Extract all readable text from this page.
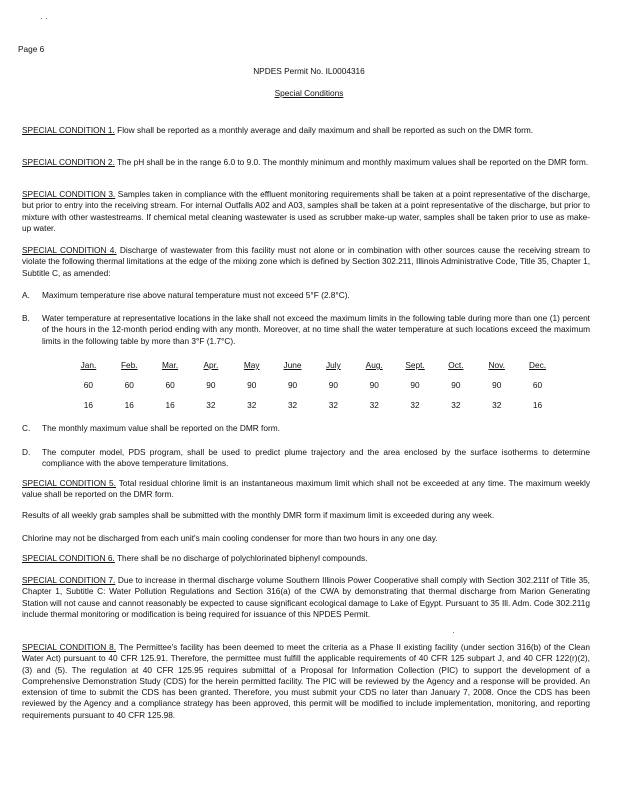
· ·
Page 6
NPDES Permit No. IL0004316
Special Conditions
SPECIAL CONDITION 1. Flow shall be reported as a monthly average and daily maximum and shall be reported as such on the DMR form.
SPECIAL CONDITION 2. The pH shall be in the range 6.0 to 9.0. The monthly minimum and monthly maximum values shall be reported on the DMR form.
SPECIAL CONDITION 3. Samples taken in compliance with the effluent monitoring requirements shall be taken at a point representative of the discharge, but prior to entry into the receiving stream. For internal Outfalls A02 and A03, samples shall be taken at a point representative of the discharge, but prior to mixture with other wastestreams. If chemical metal cleaning wastewater is used as scrubber make-up water, samples shall be taken prior to use as make-up water.
SPECIAL CONDITION 4. Discharge of wastewater from this facility must not alone or in combination with other sources cause the receiving stream to violate the following thermal limitations at the edge of the mixing zone which is defined by Section 302.211, Illinois Administrative Code, Title 35, Chapter 1, Subtitle C, as amended:
A. Maximum temperature rise above natural temperature must not exceed 5°F (2.8°C).
B. Water temperature at representative locations in the lake shall not exceed the maximum limits in the following table during more than one (1) percent of the hours in the 12-month period ending with any month. Moreover, at no time shall the water temperature at such locations exceed the maximum limits in the following table by more than 3°F (1.7°C).
Jan.	Feb.	Mar.	Apr.	May	June	July	Aug.	Sept.	Oct.	Nov.	Dec.
60	60	60	90	90	90	90	90	90	90	90	60
16	16	16	32	32	32	32	32	32	32	32	16
C. The monthly maximum value shall be reported on the DMR form.
D. The computer model, PDS program, shall be used to predict plume trajectory and the area enclosed by the surface isotherms to determine compliance with the above temperature limitations.
SPECIAL CONDITION 5. Total residual chlorine limit is an instantaneous maximum limit which shall not be exceeded at any time. The maximum weekly value shall be reported on the DMR form.
Results of all weekly grab samples shall be submitted with the monthly DMR form if maximum limit is exceeded during any week.
Chlorine may not be discharged from each unit's main cooling condenser for more than two hours in any one day.
SPECIAL CONDITION 6. There shall be no discharge of polychlorinated biphenyl compounds.
SPECIAL CONDITION 7. Due to increase in thermal discharge volume Southern Illinois Power Cooperative shall comply with Section 302.211f of Title 35, Chapter 1, Subtitle C: Water Pollution Regulations and Section 316(a) of the CWA by demonstrating that thermal discharge from Marion Generating Station will not cause and cannot reasonably be expected to cause significant ecological damage to Lake of Egypt. Pursuant to 35 Ill. Adm. Code 302.211g include thermal monitoring or modification is being required for issuance of this NPDES Permit.
·
SPECIAL CONDITION 8. The Permittee's facility has been deemed to meet the criteria as a Phase II existing facility (under section 316(b) of the Clean Water Act) pursuant to 40 CFR 125.91. Therefore, the permittee must fulfill the applicable requirements of 40 CFR 125 subpart J, and 40 CFR 122(r)(2), (3) and (5). The regulation at 40 CFR 125.95 requires submittal of a Proposal for Information Collection (PIC) to support the development of a Comprehensive Demonstration Study (CDS) for the herein permitted facility. The PIC will be reviewed by the Agency and a response will be provided. An extension of time to submit the CDS has been granted. Therefore, you must submit your CDS no later than January 7, 2008. Once the CDS has been reviewed by the Agency and a compliance strategy has been approved, this permit will be modified to include implementation, monitoring, and reporting requirements pursuant to 40 CFR 125.98.
